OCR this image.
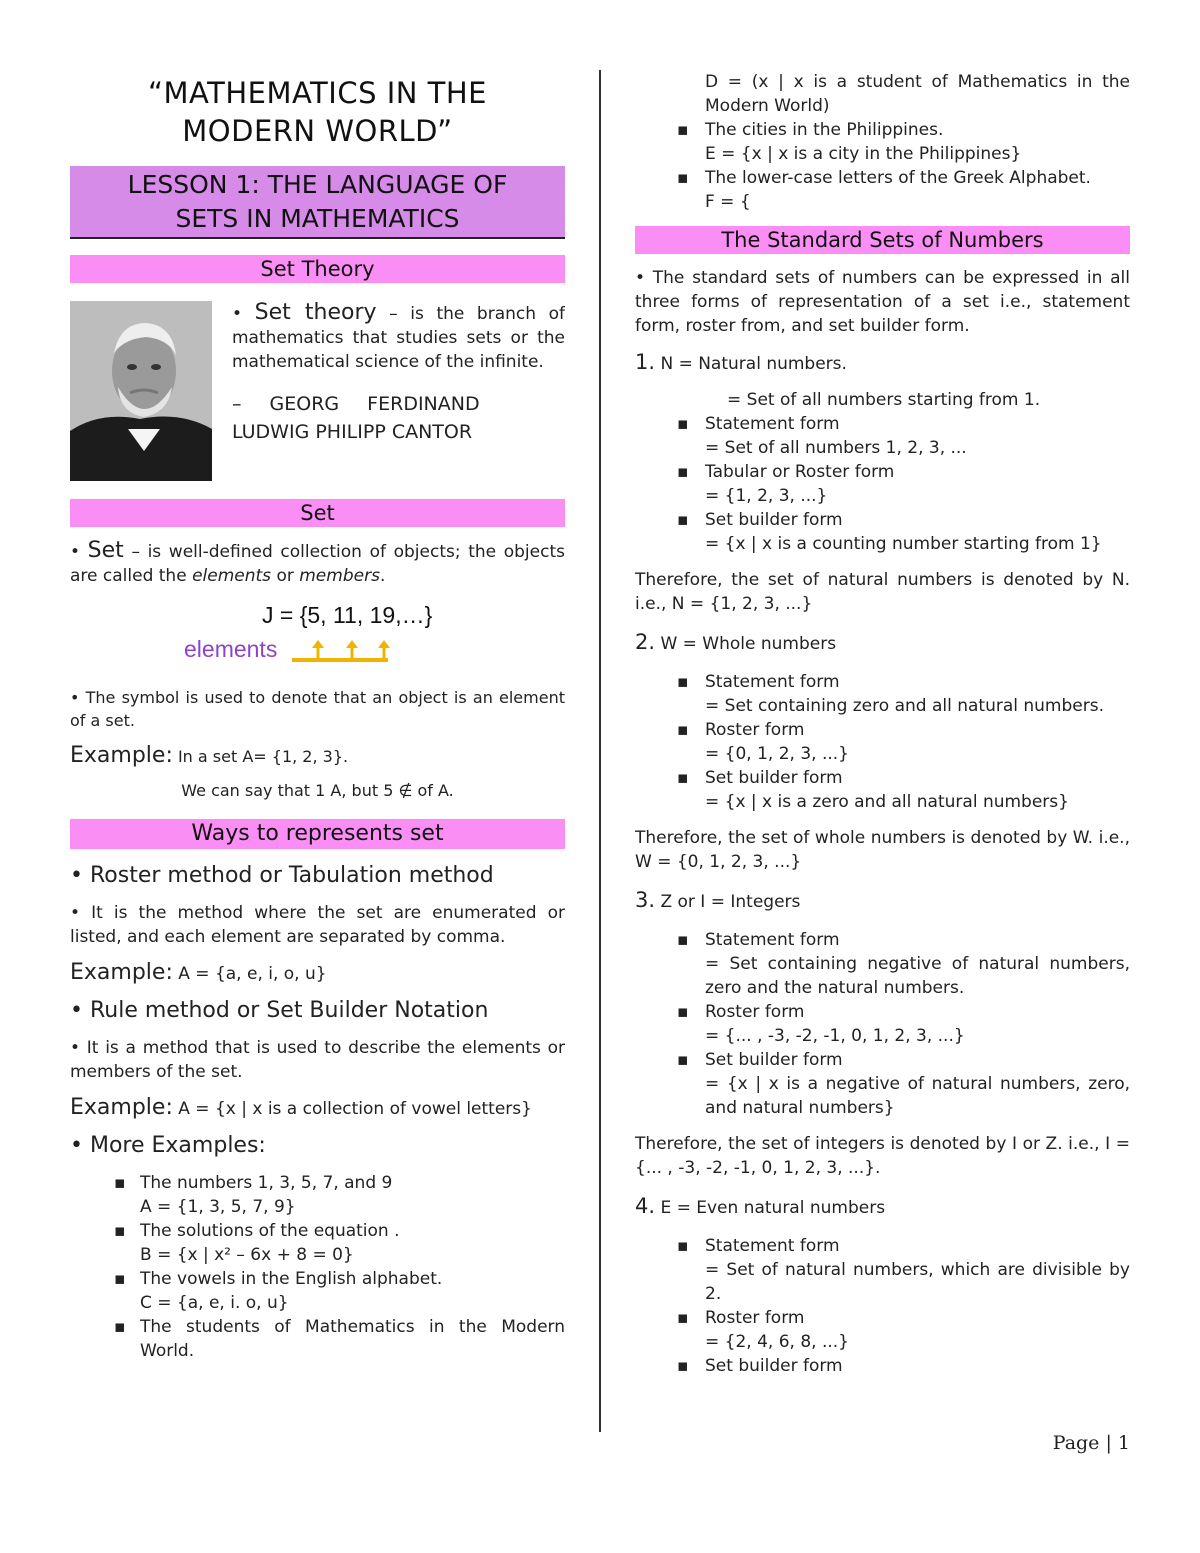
“MATHEMATICS IN THE
MODERN WORLD”
LESSON 1: THE LANGUAGE OF
SETS IN MATHEMATICS
Set Theory

• Set theory – is the branch of mathematics that studies sets or the mathematical science of the infinite.

– GEORG FERDINAND
LUDWIG PHILIPP CANTOR

Set

• Set – is well-defined collection of objects; the objects are called the elements or members.

J = {5, 11, 19,…}
elements

• The symbol is used to denote that an object is an element of a set.

Example: In a set A= {1, 2, 3}.

We can say that 1 A, but 5 ∉ of A.

Ways to represents set

• Roster method or Tabulation method

• It is the method where the set are enumerated or listed, and each element are separated by comma.

Example: A = {a, e, i, o, u}

• Rule method or Set Builder Notation

• It is a method that is used to describe the elements or members of the set.

Example: A = {x | x is a collection of vowel letters}

• More Examples:

▪ The numbers 1, 3, 5, 7, and 9
A = {1, 3, 5, 7, 9}
▪ The solutions of the equation .
B = {x | x² – 6x + 8 = 0}
▪ The vowels in the English alphabet.
C = {a, e, i. o, u}
▪ The students of Mathematics in the Modern World.

D = (x | x is a student of Mathematics in the Modern World)

▪ The cities in the Philippines.
E = {x | x is a city in the Philippines}
▪ The lower-case letters of the Greek Alphabet.
F = {
The Standard Sets of Numbers

• The standard sets of numbers can be expressed in all three forms of representation of a set i.e., statement form, roster from, and set builder form.

1. N = Natural numbers.

= Set of all numbers starting from 1.

▪ Statement form
= Set of all numbers 1, 2, 3, ...
▪ Tabular or Roster form
= {1, 2, 3, ...}
▪ Set builder form
= {x | x is a counting number starting from 1}

Therefore, the set of natural numbers is denoted by N. i.e., N = {1, 2, 3, ...}

2. W = Whole numbers

▪ Statement form
= Set containing zero and all natural numbers.
▪ Roster form
= {0, 1, 2, 3, ...}
▪ Set builder form
= {x | x is a zero and all natural numbers}

Therefore, the set of whole numbers is denoted by W. i.e., W = {0, 1, 2, 3, ...}

3. Z or I = Integers

▪ Statement form
= Set containing negative of natural numbers, zero and the natural numbers.
▪ Roster form
= {... , -3, -2, -1, 0, 1, 2, 3, ...}
▪ Set builder form
= {x | x is a negative of natural numbers, zero, and natural numbers}

Therefore, the set of integers is denoted by I or Z. i.e., I = {... , -3, -2, -1, 0, 1, 2, 3, ...}.

4. E = Even natural numbers

▪ Statement form
= Set of natural numbers, which are divisible by 2.
▪ Roster form
= {2, 4, 6, 8, ...}
▪ Set builder form
Page | 1
